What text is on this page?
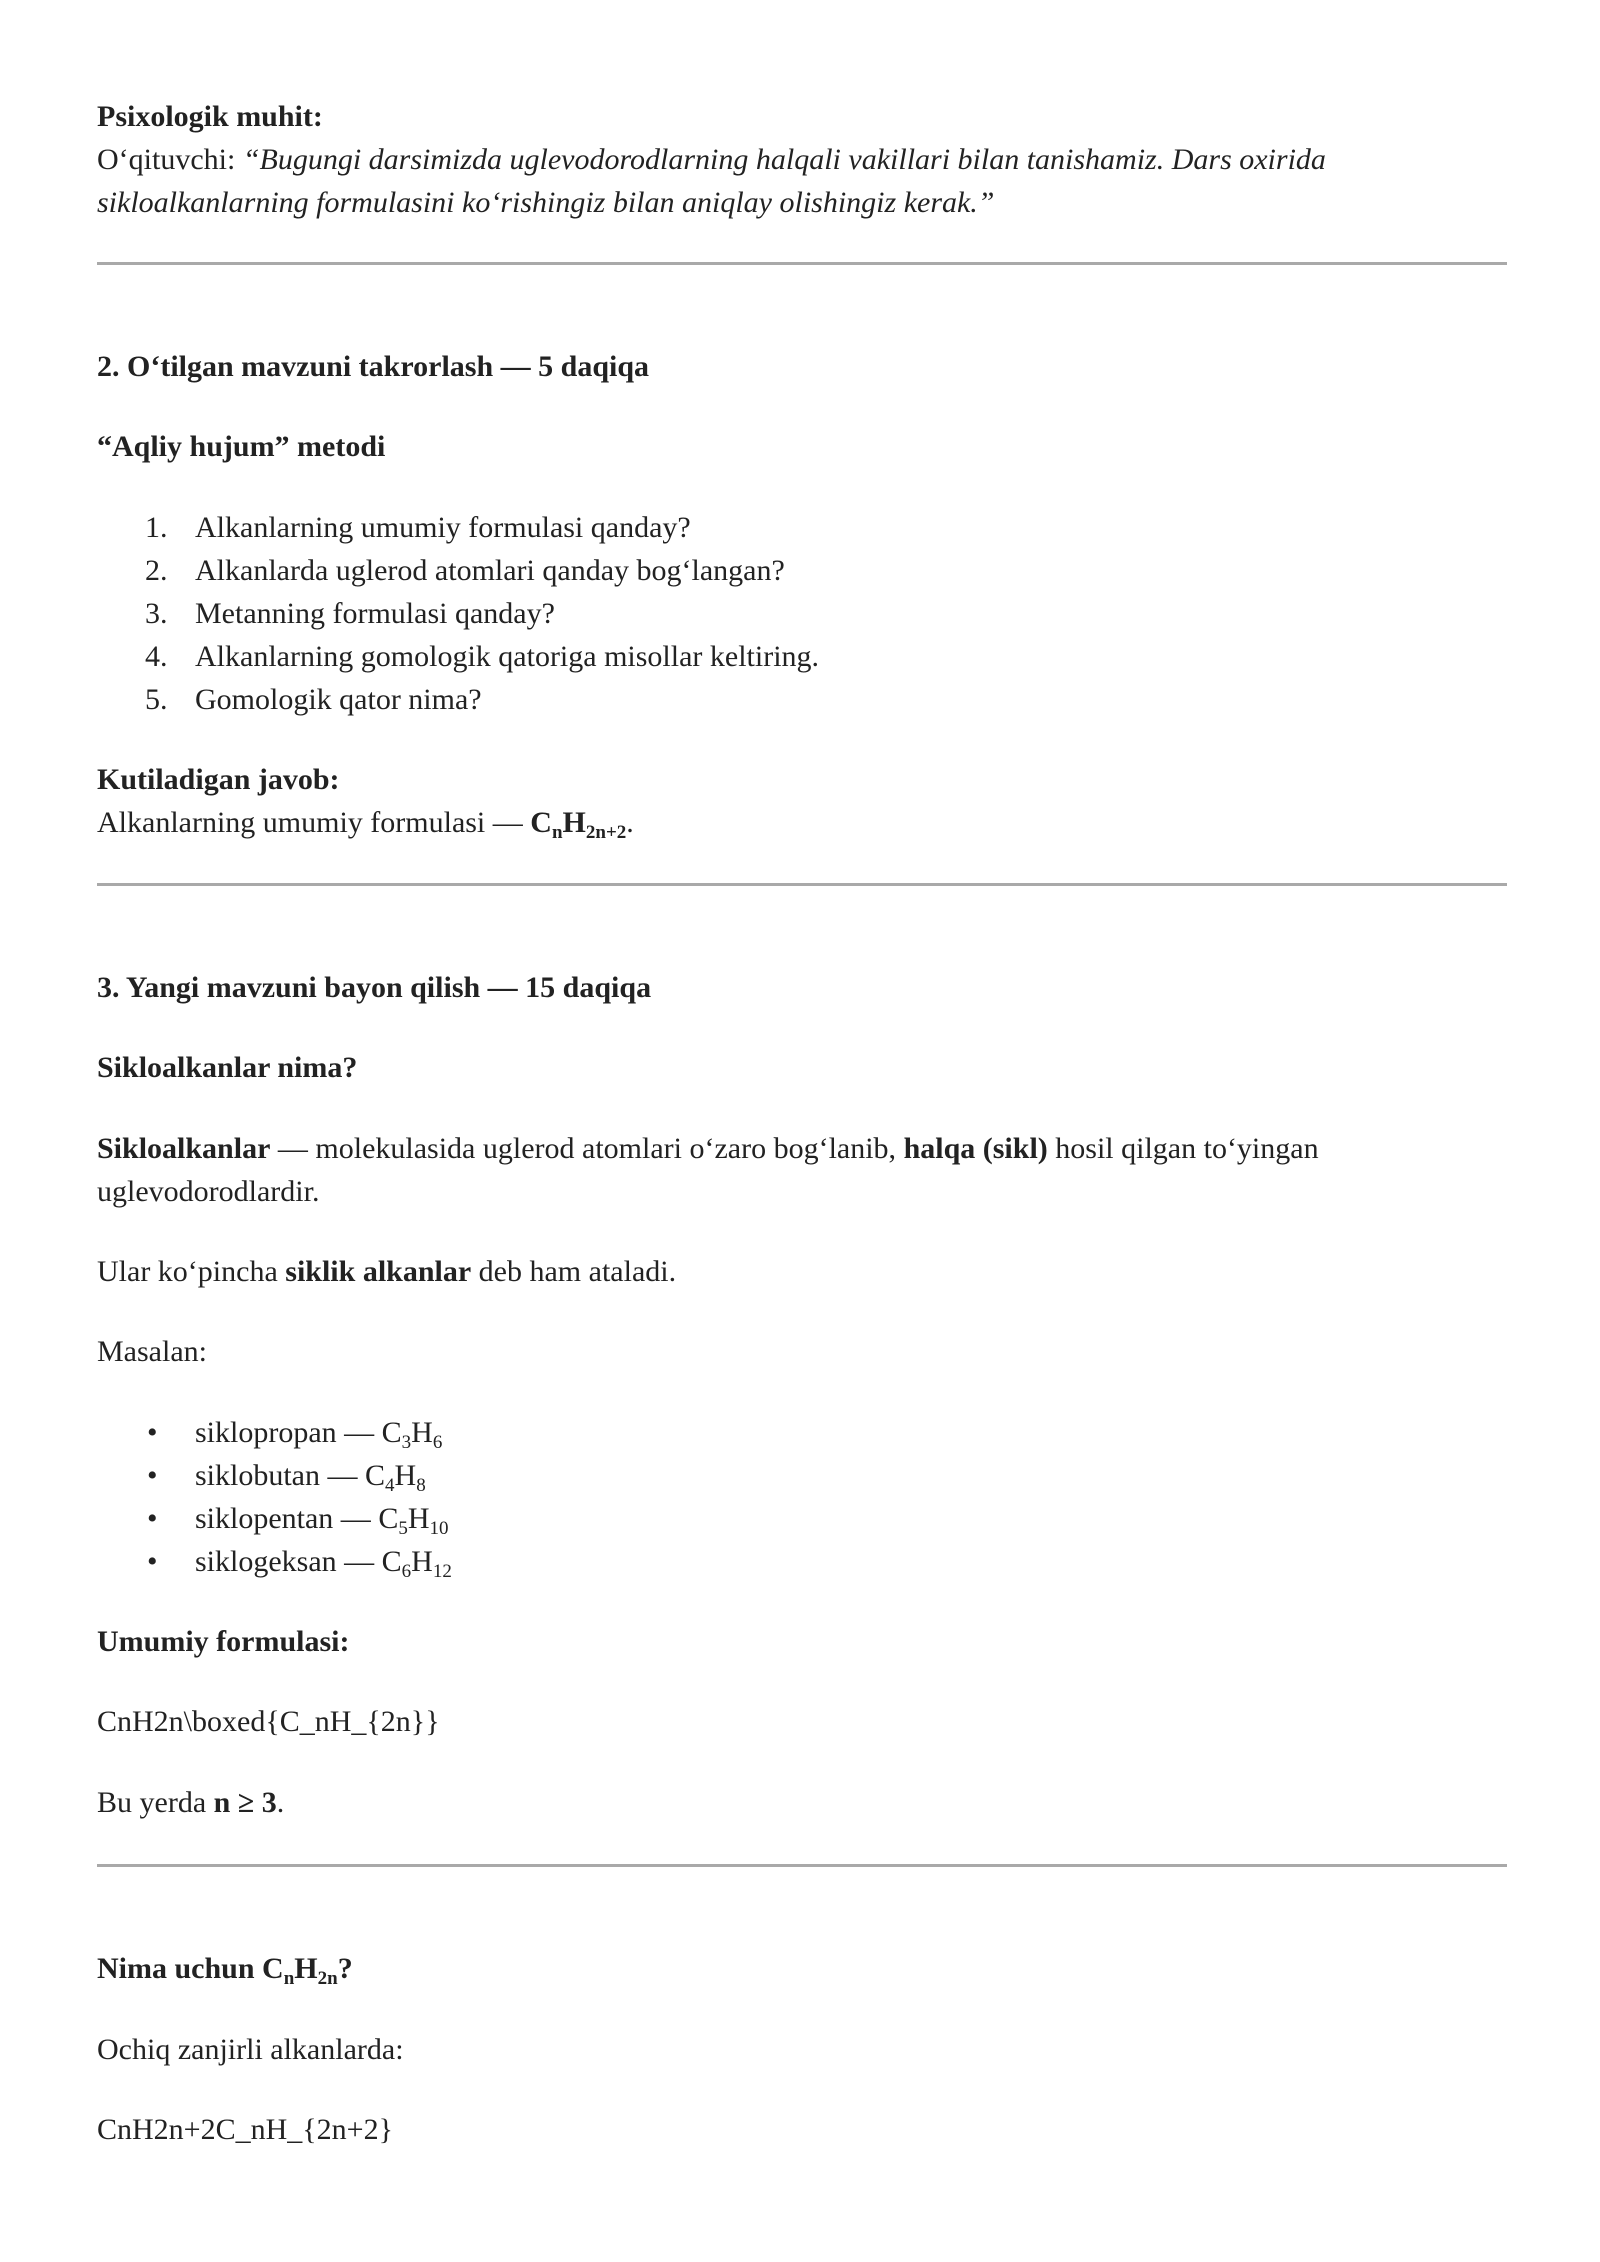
Psixologik muhit:

O‘qituvchi: “Bugungi darsimizda uglevodorodlarning halqali vakillari bilan tanishamiz. Dars oxirida sikloalkanlarning formulasini ko‘rishingiz bilan aniqlay olishingiz kerak.”

2. O‘tilgan mavzuni takrorlash — 5 daqiqa

“Aqliy hujum” metodi

1. Alkanlarning umumiy formulasi qanday?
2. Alkanlarda uglerod atomlari qanday bog‘langan?
3. Metanning formulasi qanday?
4. Alkanlarning gomologik qatoriga misollar keltiring.
5. Gomologik qator nima?

Kutiladigan javob:

Alkanlarning umumiy formulasi — $C_nH_{2n+2}$.

3. Yangi mavzuni bayon qilish — 15 daqiqa

Sikloalkanlar nima?

Sikloalkanlar — molekulasida uglerod atomlari o‘zaro bog‘lanib, halqa (sikl) hosil qilgan to‘yingan uglevodorodlardir.

Ular ko‘pincha siklik alkanlar deb ham ataladi.

Masalan:

• siklopropan — $C_3H_6$
• siklobutan — $C_4H_8$
• siklopentan — $C_5H_{10}$
• siklogeksan — $C_6H_{12}$

Umumiy formulasi:

CnH2n\boxed{C_nH_{2n}}

Bu yerda n ≥ 3.

Nima uchun $C_nH_{2n}$?

Ochiq zanjirli alkanlarda:

CnH2n+2C_nH_{2n+2}
